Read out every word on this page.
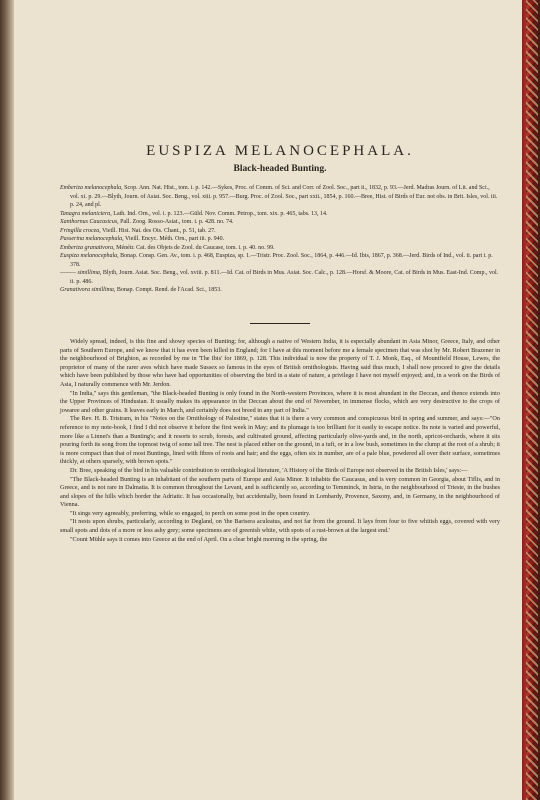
EUSPIZA MELANOCEPHALA.
Black-headed Bunting.

Emberiza melanocephala, Scop. Ann. Nat. Hist., tom. i. p. 142.—Sykes, Proc. of Comm. of Sci. and Corr. of Zool. Soc., part ii., 1832, p. 93.—Jerd. Madras Journ. of Lit. and Sci., vol. xi. p. 29.—Blyth, Journ. of Asiat. Soc. Beng., vol. xiii. p. 957.—Burg. Proc. of Zool. Soc., part xxii., 1854, p. 160.—Bree, Hist. of Birds of Eur. not obs. in Brit. Isles, vol. iii. p. 24, and pl.

Tanagra melanictera, Lath. Ind. Orn., vol. i. p. 123.—Güld. Nov. Comm. Petrop., tom. xix. p. 465, tabs. 13, 14.

Xanthornus Caucasicus, Pall. Zoog. Rosso-Asiat., tom. i. p. 428. no. 74.

Fringilla crocea, Vieill. Hist. Nat. des Ois. Chant., p. 51, tab. 27.

Passerina melanocephala, Vieill. Encyc. Méth. Orn., part iii. p. 940.

Emberiza granativora, Ménétr. Cat. des Objets de Zool. du Caucase, tom. i. p. 40. no. 99.

Euspiza melanocephala, Bonap. Consp. Gen. Av., tom. i. p. 468, Euspiza, sp. 1.—Tristr. Proc. Zool. Soc., 1864, p. 446.—Id. Ibis, 1867, p. 368.—Jerd. Birds of Ind., vol. ii. part i. p. 378.

——— simillima, Blyth, Journ. Asiat. Soc. Beng., vol. xviii. p. 811.—Id. Cat. of Birds in Mus. Asiat. Soc. Calc., p. 128.—Horsf. & Moore, Cat. of Birds in Mus. East-Ind. Comp., vol. ii. p. 486.

Granativora simillima, Bonap. Compt. Rend. de l'Acad. Sci., 1853.

Widely spread, indeed, is this fine and showy species of Bunting; for, although a native of Western India, it is especially abundant in Asia Minor, Greece, Italy, and other parts of Southern Europe, and we know that it has even been killed in England; for I have at this moment before me a female specimen that was shot by Mr. Robert Brazener in the neighbourhood of Brighton, as recorded by me in 'The Ibis' for 1869, p. 128. This individual is now the property of T. J. Monk, Esq., of Mountfield House, Lewes, the proprietor of many of the rarer aves which have made Sussex so famous in the eyes of British ornithologists. Having said thus much, I shall now proceed to give the details which have been published by those who have had opportunities of observing the bird in a state of nature, a privilege I have not myself enjoyed; and, in a work on the Birds of Asia, I naturally commence with Mr. Jerdon.

"In India," says this gentleman, "the Black-headed Bunting is only found in the North-western Provinces, where it is most abundant in the Deccan, and thence extends into the Upper Provinces of Hindustan. It usually makes its appearance in the Deccan about the end of November, in immense flocks, which are very destructive to the crops of jowaree and other grains. It leaves early in March, and certainly does not breed in any part of India."

The Rev. H. B. Tristram, in his "Notes on the Ornithology of Palestine," states that it is there a very common and conspicuous bird in spring and summer, and says:—"On reference to my note-book, I find I did not observe it before the first week in May; and its plumage is too brilliant for it easily to escape notice. Its note is varied and powerful, more like a Linnet's than a Bunting's; and it resorts to scrub, forests, and cultivated ground, affecting particularly olive-yards and, in the north, apricot-orchards, where it sits pouring forth its song from the topmost twig of some tall tree. The nest is placed either on the ground, in a tuft, or in a low bush, sometimes in the clump at the root of a shrub; it is more compact than that of most Buntings, lined with fibres of roots and hair; and the eggs, often six in number, are of a pale blue, powdered all over their surface, sometimes thickly, at others sparsely, with brown spots."

Dr. Bree, speaking of the bird in his valuable contribution to ornithological literature, 'A History of the Birds of Europe not observed in the British Isles,' says:—

"The Black-headed Bunting is an inhabitant of the southern parts of Europe and Asia Minor. It inhabits the Caucasus, and is very common in Georgia, about Tiflis, and in Greece, and is not rare in Dalmatia. It is common throughout the Levant, and is sufficiently so, according to Temminck, in Istria, in the neighbourhood of Trieste, in the bushes and slopes of the hills which border the Adriatic. It has occasionally, but accidentally, been found in Lombardy, Provence, Saxony, and, in Germany, in the neighbourhood of Vienna.

"It sings very agreeably, preferring, while so engaged, to perch on some post in the open country.

"It nests upon shrubs, particularly, according to Degland, on 'the Barisera aculeatus, and not far from the ground. It lays from four to five whitish eggs, covered with very small spots and dots of a more or less ashy grey; some specimens are of greenish white, with spots of a rust-brown at the largest end.'

"Count Mühle says it comes into Greece at the end of April. On a clear bright morning in the spring, the
